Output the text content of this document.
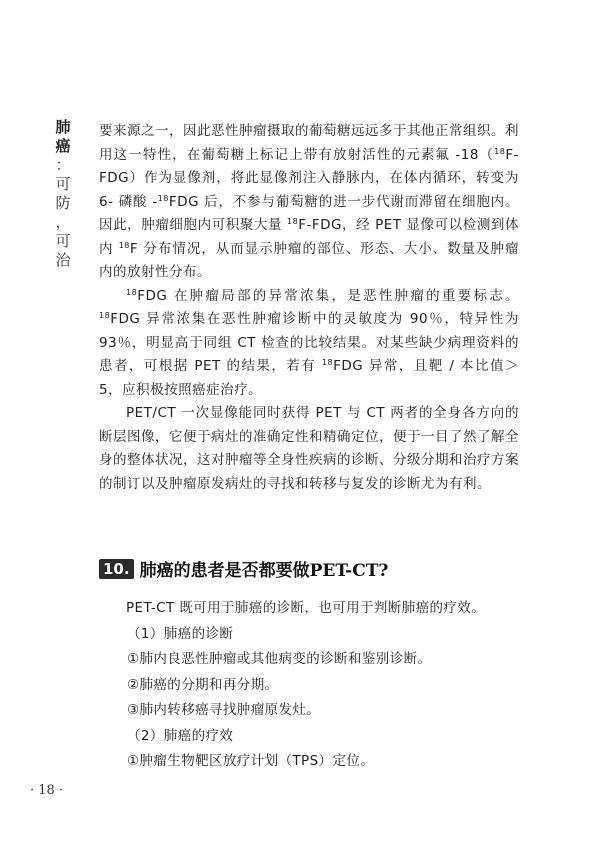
肺
癌
：
可
防
，
可
治

要来源之一，因此恶性肿瘤摄取的葡萄糖远远多于其他正常组织。利用这一特性，在葡萄糖上标记上带有放射活性的元素氟 -18（$^{18}$F-FDG）作为显像剂，将此显像剂注入静脉内，在体内循环，转变为 6- 磷酸 -$^{18}$FDG 后，不参与葡萄糖的进一步代谢而滞留在细胞内。因此，肿瘤细胞内可积聚大量 $^{18}$F-FDG，经 PET 显像可以检测到体内 $^{18}$F 分布情况，从而显示肿瘤的部位、形态、大小、数量及肿瘤内的放射性分布。

$^{18}$FDG 在肿瘤局部的异常浓集，是恶性肿瘤的重要标志。$^{18}$FDG 异常浓集在恶性肿瘤诊断中的灵敏度为 90％，特异性为 93％，明显高于同组 CT 检查的比较结果。对某些缺少病理资料的患者，可根据 PET 的结果，若有 $^{18}$FDG 异常，且靶 / 本比值＞ 5，应积极按照癌症治疗。

PET/CT 一次显像能同时获得 PET 与 CT 两者的全身各方向的断层图像，它便于病灶的准确定性和精确定位，便于一目了然了解全身的整体状况，这对肿瘤等全身性疾病的诊断、分级分期和治疗方案的制订以及肿瘤原发病灶的寻找和转移与复发的诊断尤为有利。

10. 肺癌的患者是否都要做PET-CT?
PET-CT 既可用于肺癌的诊断，也可用于判断肺癌的疗效。
（1）肺癌的诊断
①肺内良恶性肿瘤或其他病变的诊断和鉴别诊断。
②肺癌的分期和再分期。
③肺内转移癌寻找肿瘤原发灶。
（2）肺癌的疗效
①肿瘤生物靶区放疗计划（TPS）定位。
· 18 ·
